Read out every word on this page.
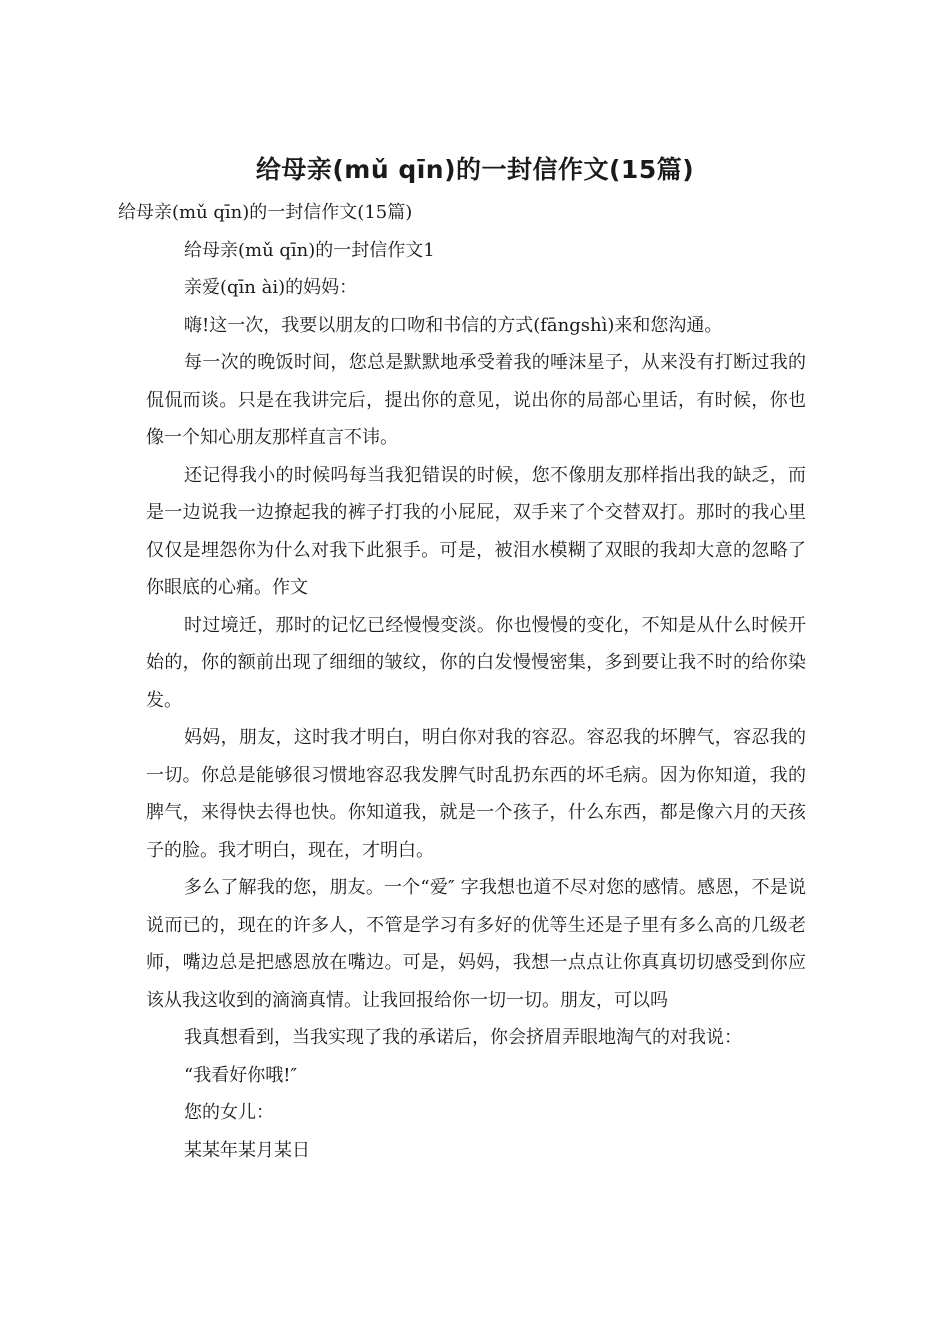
给母亲(mǔ qīn)的一封信作文(15篇)

给母亲(mǔ qīn)的一封信作文(15篇)

给母亲(mǔ qīn)的一封信作文1

亲爱(qīn ài)的妈妈：

嗨!这一次，我要以朋友的口吻和书信的方式(fāngshì)来和您沟通。

每一次的晚饭时间，您总是默默地承受着我的唾沫星子，从来没有打断过我的侃侃而谈。只是在我讲完后，提出你的意见，说出你的局部心里话，有时候，你也像一个知心朋友那样直言不讳。

还记得我小的时候吗每当我犯错误的时候，您不像朋友那样指出我的缺乏，而是一边说我一边撩起我的裤子打我的小屁屁，双手来了个交替双打。那时的我心里仅仅是埋怨你为什么对我下此狠手。可是，被泪水模糊了双眼的我却大意的忽略了你眼底的心痛。作文

时过境迁，那时的记忆已经慢慢变淡。你也慢慢的变化，不知是从什么时候开始的，你的额前出现了细细的皱纹，你的白发慢慢密集，多到要让我不时的给你染发。

妈妈，朋友，这时我才明白，明白你对我的容忍。容忍我的坏脾气，容忍我的一切。你总是能够很习惯地容忍我发脾气时乱扔东西的坏毛病。因为你知道，我的脾气，来得快去得也快。你知道我，就是一个孩子，什么东西，都是像六月的天孩子的脸。我才明白，现在，才明白。

多么了解我的您，朋友。一个“爱″ 字我想也道不尽对您的感情。感恩，不是说说而已的，现在的许多人，不管是学习有多好的优等生还是子里有多么高的几级老师，嘴边总是把感恩放在嘴边。可是，妈妈，我想一点点让你真真切切感受到你应该从我这收到的滴滴真情。让我回报给你一切一切。朋友，可以吗

我真想看到，当我实现了我的承诺后，你会挤眉弄眼地淘气的对我说：

“我看好你哦!″

您的女儿：

某某年某月某日
